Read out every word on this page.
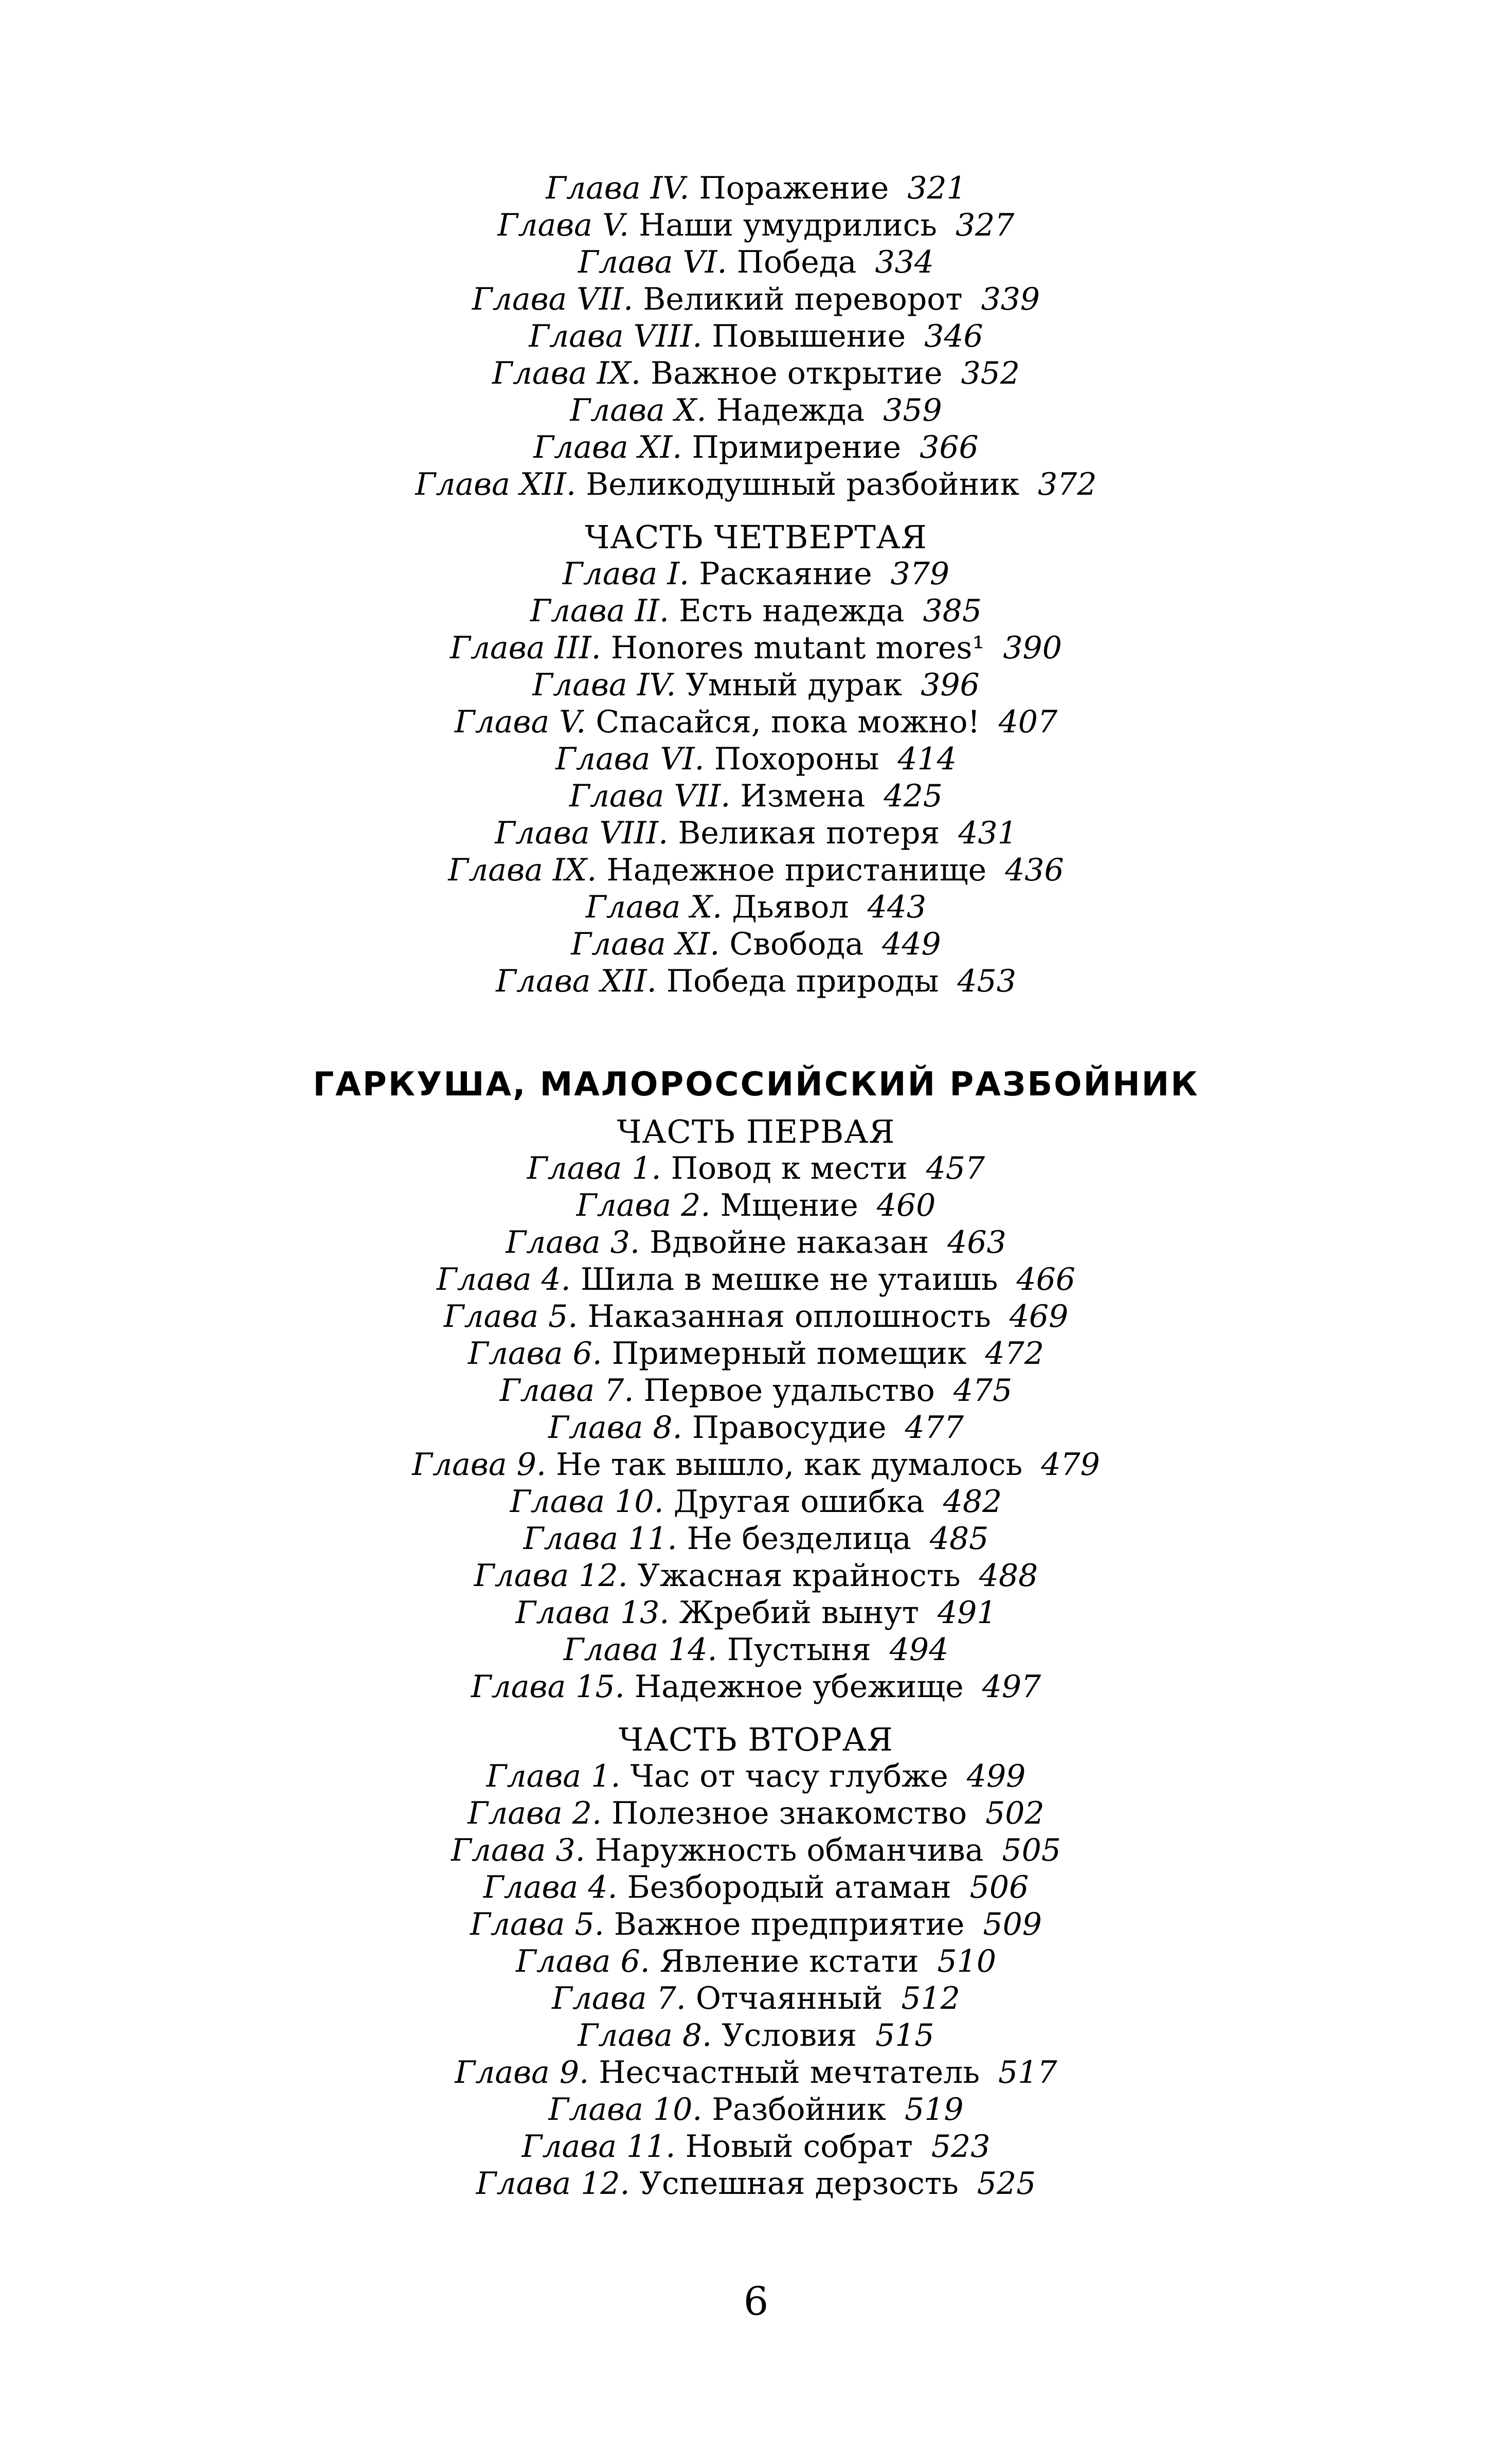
Глава IV. Поражение 321
Глава V. Наши умудрились 327
Глава VI. Победа 334
Глава VII. Великий переворот 339
Глава VIII. Повышение 346
Глава IX. Важное открытие 352
Глава X. Надежда 359
Глава XI. Примирение 366
Глава XII. Великодушный разбойник 372
ЧАСТЬ ЧЕТВЕРТАЯ
Глава I. Раскаяние 379
Глава II. Есть надежда 385
Глава III. Honores mutant mores¹ 390
Глава IV. Умный дурак 396
Глава V. Спасайся, пока можно! 407
Глава VI. Похороны 414
Глава VII. Измена 425
Глава VIII. Великая потеря 431
Глава IX. Надежное пристанище 436
Глава X. Дьявол 443
Глава XI. Свобода 449
Глава XII. Победа природы 453
ГАРКУША, МАЛОРОССИЙСКИЙ РАЗБОЙНИК
ЧАСТЬ ПЕРВАЯ
Глава 1. Повод к мести 457
Глава 2. Мщение 460
Глава 3. Вдвойне наказан 463
Глава 4. Шила в мешке не утаишь 466
Глава 5. Наказанная оплошность 469
Глава 6. Примерный помещик 472
Глава 7. Первое удальство 475
Глава 8. Правосудие 477
Глава 9. Не так вышло, как думалось 479
Глава 10. Другая ошибка 482
Глава 11. Не безделица 485
Глава 12. Ужасная крайность 488
Глава 13. Жребий вынут 491
Глава 14. Пустыня 494
Глава 15. Надежное убежище 497
ЧАСТЬ ВТОРАЯ
Глава 1. Час от часу глубже 499
Глава 2. Полезное знакомство 502
Глава 3. Наружность обманчива 505
Глава 4. Безбородый атаман 506
Глава 5. Важное предприятие 509
Глава 6. Явление кстати 510
Глава 7. Отчаянный 512
Глава 8. Условия 515
Глава 9. Несчастный мечтатель 517
Глава 10. Разбойник 519
Глава 11. Новый собрат 523
Глава 12. Успешная дерзость 525
6
